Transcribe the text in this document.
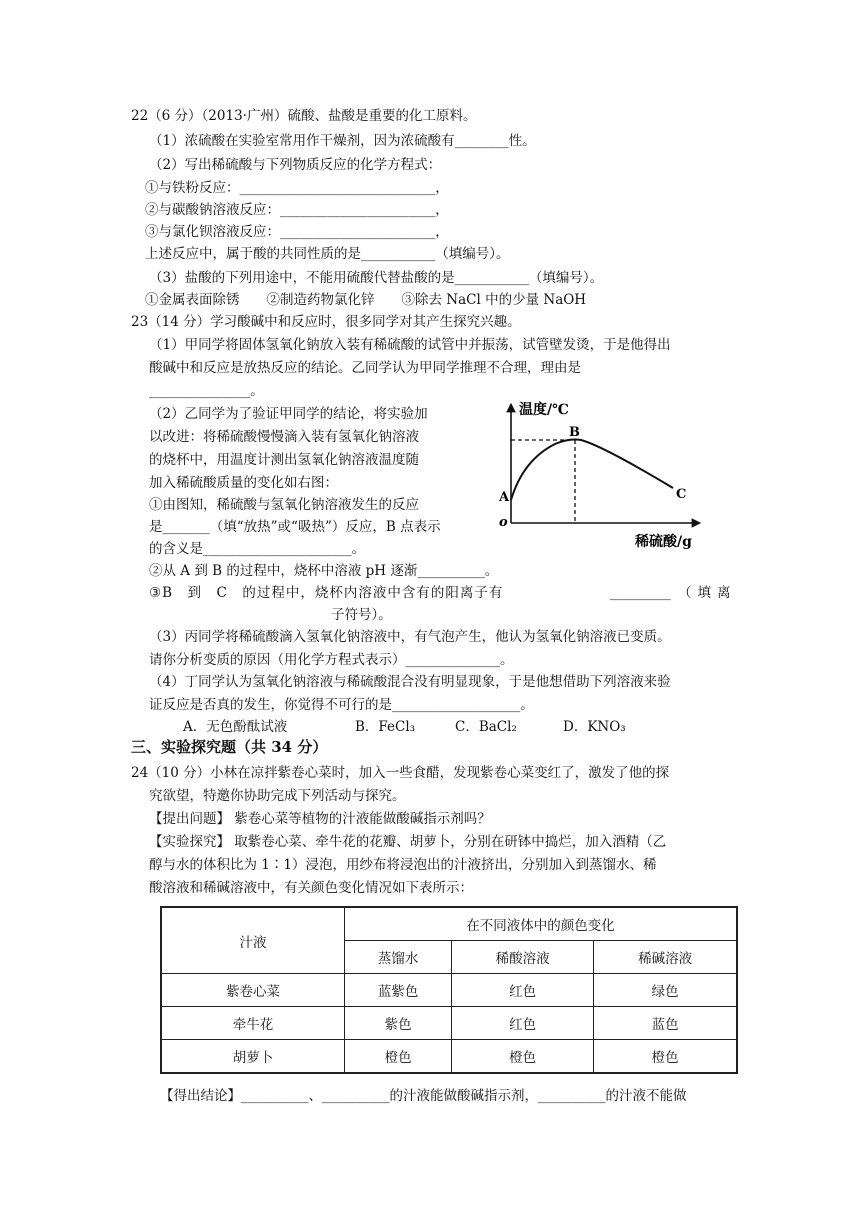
22（6 分）（2013·广州）硫酸、盐酸是重要的化工原料。
（1）浓硫酸在实验室常用作干燥剂，因为浓硫酸有________性。
（2）写出稀硫酸与下列物质反应的化学方程式：
①与铁粉反应：_____________________________，
②与碳酸钠溶液反应：_______________________，
③与氯化钡溶液反应：_______________________，
上述反应中，属于酸的共同性质的是___________（填编号）。
（3）盐酸的下列用途中，不能用硫酸代替盐酸的是___________（填编号）。
①金属表面除锈　　②制造药物氯化锌　　③除去 NaCl 中的少量 NaOH
23（14 分）学习酸碱中和反应时，很多同学对其产生探究兴趣。
（1）甲同学将固体氢氧化钠放入装有稀硫酸的试管中并振荡，试管壁发烫，于是他得出
酸碱中和反应是放热反应的结论。乙同学认为甲同学推理不合理，理由是
_______________。
（2）乙同学为了验证甲同学的结论，将实验加
以改进：将稀硫酸慢慢滴入装有氢氧化钠溶液
的烧杯中，用温度计测出氢氧化钠溶液温度随
加入稀硫酸质量的变化如右图：
①由图知，稀硫酸与氢氧化钠溶液发生的反应
是_______（填“放热”或“吸热”）反应，B 点表示
的含义是______________________。
②从 A 到 B 的过程中，烧杯中溶液 pH 逐渐__________。
③B　到　C　的过程中，烧杯内溶液中含有的阳离子有	_________ （填离
子符号）。
（3）丙同学将稀硫酸滴入氢氧化钠溶液中，有气泡产生，他认为氢氧化钠溶液已变质。
请你分析变质的原因（用化学方程式表示）______________。
（4）丁同学认为氢氧化钠溶液与稀硫酸混合没有明显现象，于是他想借助下列溶液来验
证反应是否真的发生，你觉得不可行的是___________________。
A．无色酚酞试液	B．FeCl₃	C．BaCl₂	D．KNO₃
温度/℃
稀硫酸/g
o
A
B
C
三、实验探究题（共 34 分）
24（10 分）小林在凉拌紫卷心菜时，加入一些食醋，发现紫卷心菜变红了，激发了他的探
究欲望，特邀你协助完成下列活动与探究。
【提出问题】 紫卷心菜等植物的汁液能做酸碱指示剂吗？
【实验探究】 取紫卷心菜、牵牛花的花瓣、胡萝卜，分别在研钵中捣烂，加入酒精（乙
醇与水的体积比为 1∶1）浸泡，用纱布将浸泡出的汁液挤出，分别加入到蒸馏水、稀
酸溶液和稀碱溶液中，有关颜色变化情况如下表所示：
汁液	在不同液体中的颜色变化		
	蒸馏水	稀酸溶液	稀碱溶液
紫卷心菜	蓝紫色	红色	绿色
牵牛花	紫色	红色	蓝色
胡萝卜	橙色	橙色	橙色
【得出结论】__________、__________的汁液能做酸碱指示剂，__________的汁液不能做
